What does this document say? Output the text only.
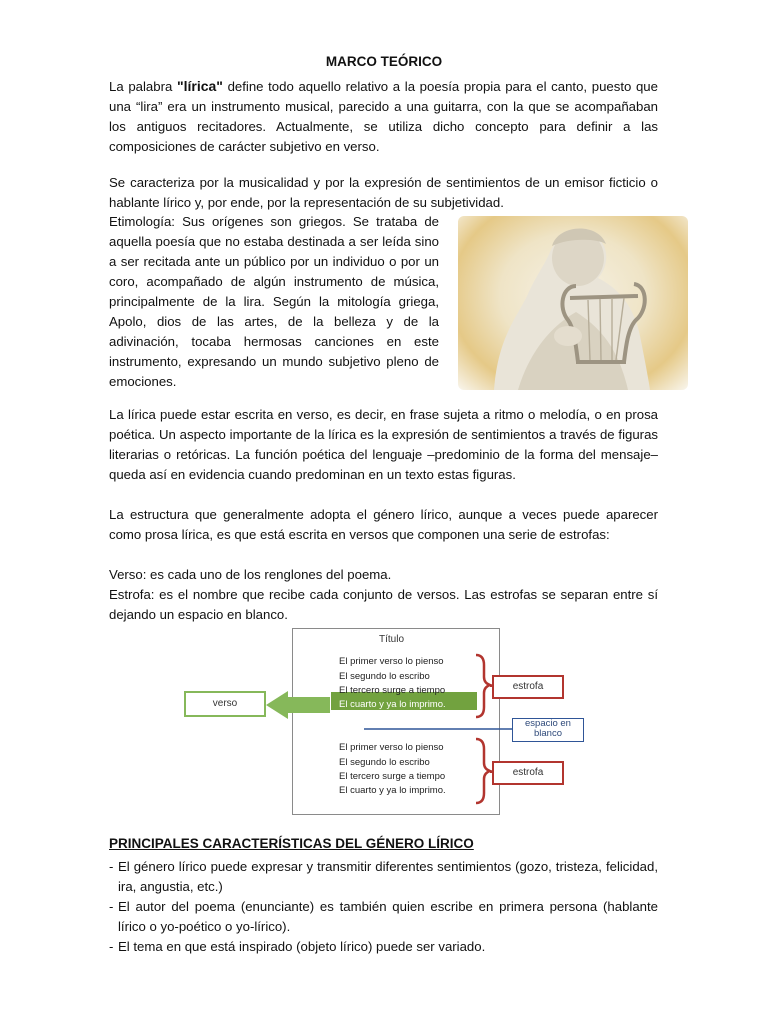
MARCO TEÓRICO

La palabra "lírica" define todo aquello relativo a la poesía propia para el canto, puesto que una “lira” era un instrumento musical, parecido a una guitarra, con la que se acompañaban los antiguos recitadores. Actualmente, se utiliza dicho concepto para definir a las composiciones de carácter subjetivo en verso.

Se caracteriza por la musicalidad y por la expresión de sentimientos de un emisor ficticio o hablante lírico y, por ende, por la representación de su subjetividad.

Etimología: Sus orígenes son griegos. Se trataba de aquella poesía que no estaba destinada a ser leída sino a ser recitada ante un público por un individuo o por un coro, acompañado de algún instrumento de música, principalmente de la lira. Según la mitología griega, Apolo, dios de las artes, de la belleza y de la adivinación, tocaba hermosas canciones en este instrumento, expresando un mundo subjetivo pleno de emociones.

La lírica puede estar escrita en verso, es decir, en frase sujeta a ritmo o melodía, o en prosa poética. Un aspecto importante de la lírica es la expresión de sentimientos a través de figuras literarias o retóricas. La función poética del lenguaje –predominio de la forma del mensaje– queda así en evidencia cuando predominan en un texto estas figuras.

La estructura que generalmente adopta el género lírico, aunque a veces puede aparecer como prosa lírica, es que está escrita en versos que componen una serie de estrofas:

Verso: es cada uno de los renglones del poema.

Estrofa: es el nombre que recibe cada conjunto de versos. Las estrofas se separan entre sí dejando un espacio en blanco.

Título
El primer verso lo pienso
El segundo lo escribo
El tercero surge a tiempo
El cuarto y ya lo imprimo.
El primer verso lo pienso
El segundo lo escribo
El tercero surge a tiempo
El cuarto y ya lo imprimo.
verso
estrofa
estrofa
espacio en blanco
PRINCIPALES CARACTERÍSTICAS DEL GÉNERO LÍRICO
- El género lírico puede expresar y transmitir diferentes sentimientos (gozo, tristeza, felicidad, ira, angustia, etc.)
- El autor del poema (enunciante) es también quien escribe en primera persona (hablante lírico o yo-poético o yo-lírico).
- El tema en que está inspirado (objeto lírico) puede ser variado.
